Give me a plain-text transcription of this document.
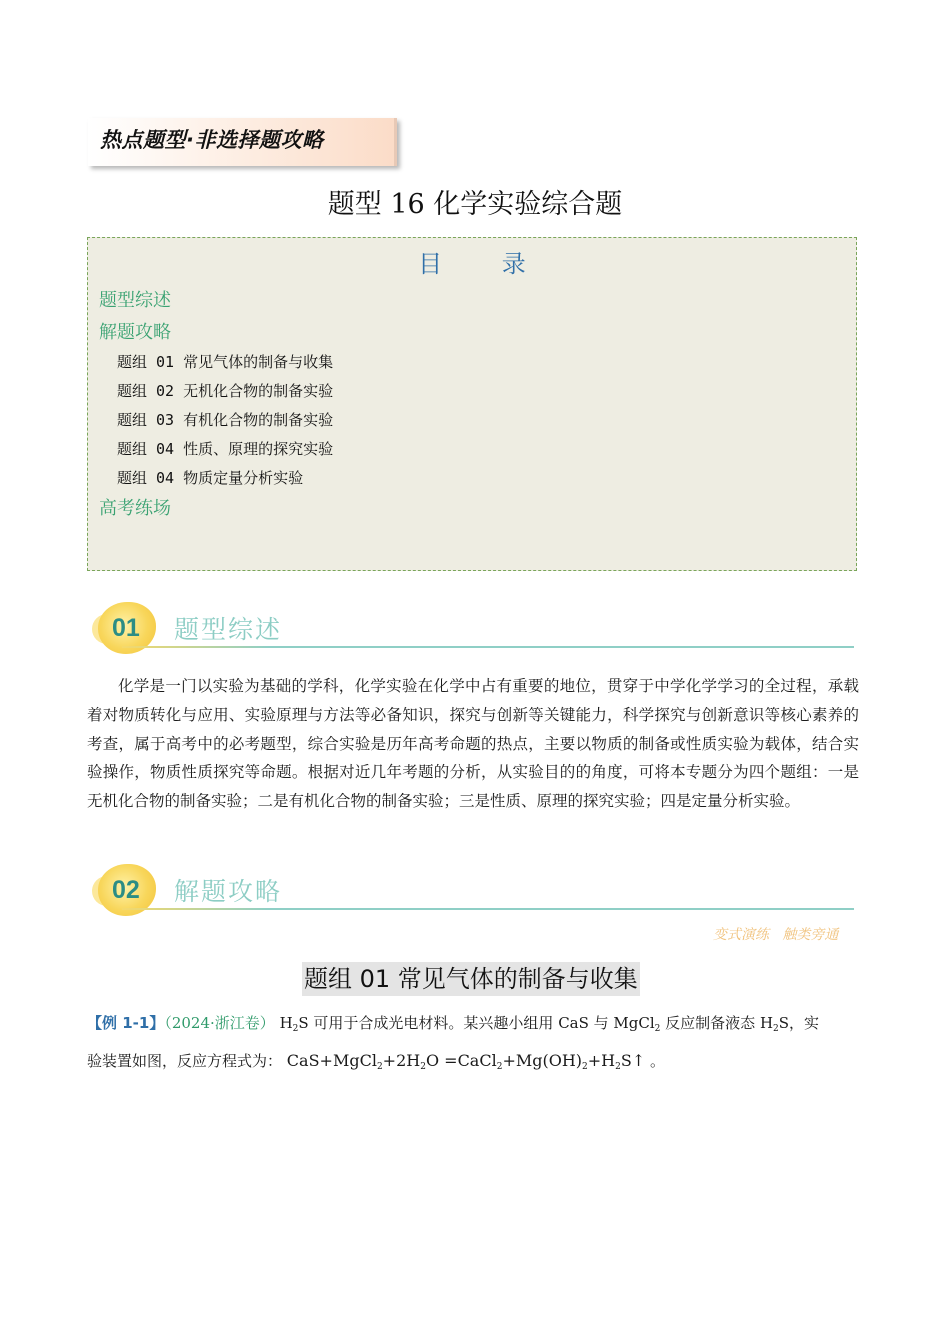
热点题型·非选择题攻略
题型 16 化学实验综合题
目 录
题型综述
解题攻略
题组 01 常见气体的制备与收集
题组 02 无机化合物的制备实验
题组 03 有机化合物的制备实验
题组 04 性质、原理的探究实验
题组 04 物质定量分析实验
高考练场
01 题型综述
化学是一门以实验为基础的学科，化学实验在化学中占有重要的地位，贯穿于中学化学学习的全过程，承载着对物质转化与应用、实验原理与方法等必备知识，探究与创新等关键能力，科学探究与创新意识等核心素养的考查，属于高考中的必考题型，综合实验是历年高考命题的热点，主要以物质的制备或性质实验为载体，结合实验操作，物质性质探究等命题。根据对近几年考题的分析，从实验目的的角度，可将本专题分为四个题组：一是无机化合物的制备实验；二是有机化合物的制备实验；三是性质、原理的探究实验；四是定量分析实验。
02 解题攻略
变式演练   触类旁通
题组 01 常见气体的制备与收集
【例 1-1】（2024·浙江卷） $H_2S$ 可用于合成光电材料。某兴趣小组用 CaS 与 MgCl$_2$ 反应制备液态 $H_2S$，实
验装置如图，反应方程式为： $CaS+MgCl_2+2H_2O$ $=CaCl_2+Mg(OH)_2+H_2S↑$ 。
